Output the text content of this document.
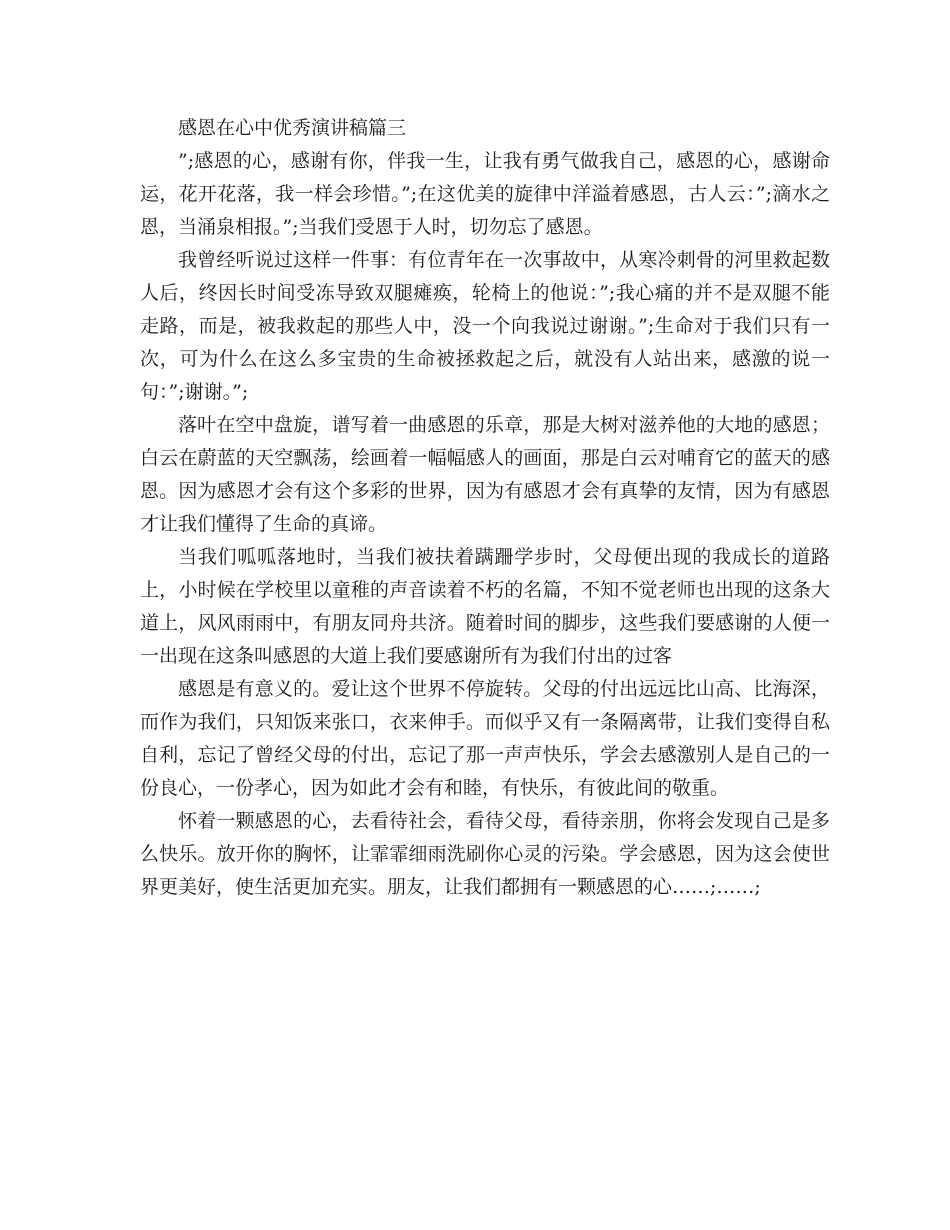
感恩在心中优秀演讲稿篇三

”;感恩的心，感谢有你，伴我一生，让我有勇气做我自己，感恩的心，感谢命运，花开花落，我一样会珍惜。”;在这优美的旋律中洋溢着感恩，古人云：”;滴水之恩，当涌泉相报。”;当我们受恩于人时，切勿忘了感恩。

我曾经听说过这样一件事：有位青年在一次事故中，从寒冷刺骨的河里救起数人后，终因长时间受冻导致双腿瘫痪，轮椅上的他说：”;我心痛的并不是双腿不能走路，而是，被我救起的那些人中，没一个向我说过谢谢。”;生命对于我们只有一次，可为什么在这么多宝贵的生命被拯救起之后，就没有人站出来，感激的说一句：”;谢谢。”;

落叶在空中盘旋，谱写着一曲感恩的乐章，那是大树对滋养他的大地的感恩；白云在蔚蓝的天空飘荡，绘画着一幅幅感人的画面，那是白云对哺育它的蓝天的感恩。因为感恩才会有这个多彩的世界，因为有感恩才会有真挚的友情，因为有感恩才让我们懂得了生命的真谛。

当我们呱呱落地时，当我们被扶着蹒跚学步时，父母便出现的我成长的道路上，小时候在学校里以童稚的声音读着不朽的名篇，不知不觉老师也出现的这条大道上，风风雨雨中，有朋友同舟共济。随着时间的脚步，这些我们要感谢的人便一一出现在这条叫感恩的大道上我们要感谢所有为我们付出的过客

感恩是有意义的。爱让这个世界不停旋转。父母的付出远远比山高、比海深，而作为我们，只知饭来张口，衣来伸手。而似乎又有一条隔离带，让我们变得自私自利，忘记了曾经父母的付出，忘记了那一声声快乐，学会去感激别人是自己的一份良心，一份孝心，因为如此才会有和睦，有快乐，有彼此间的敬重。

怀着一颗感恩的心，去看待社会，看待父母，看待亲朋，你将会发现自己是多么快乐。放开你的胸怀，让霏霏细雨洗刷你心灵的污染。学会感恩，因为这会使世界更美好，使生活更加充实。朋友，让我们都拥有一颗感恩的心……;……;
